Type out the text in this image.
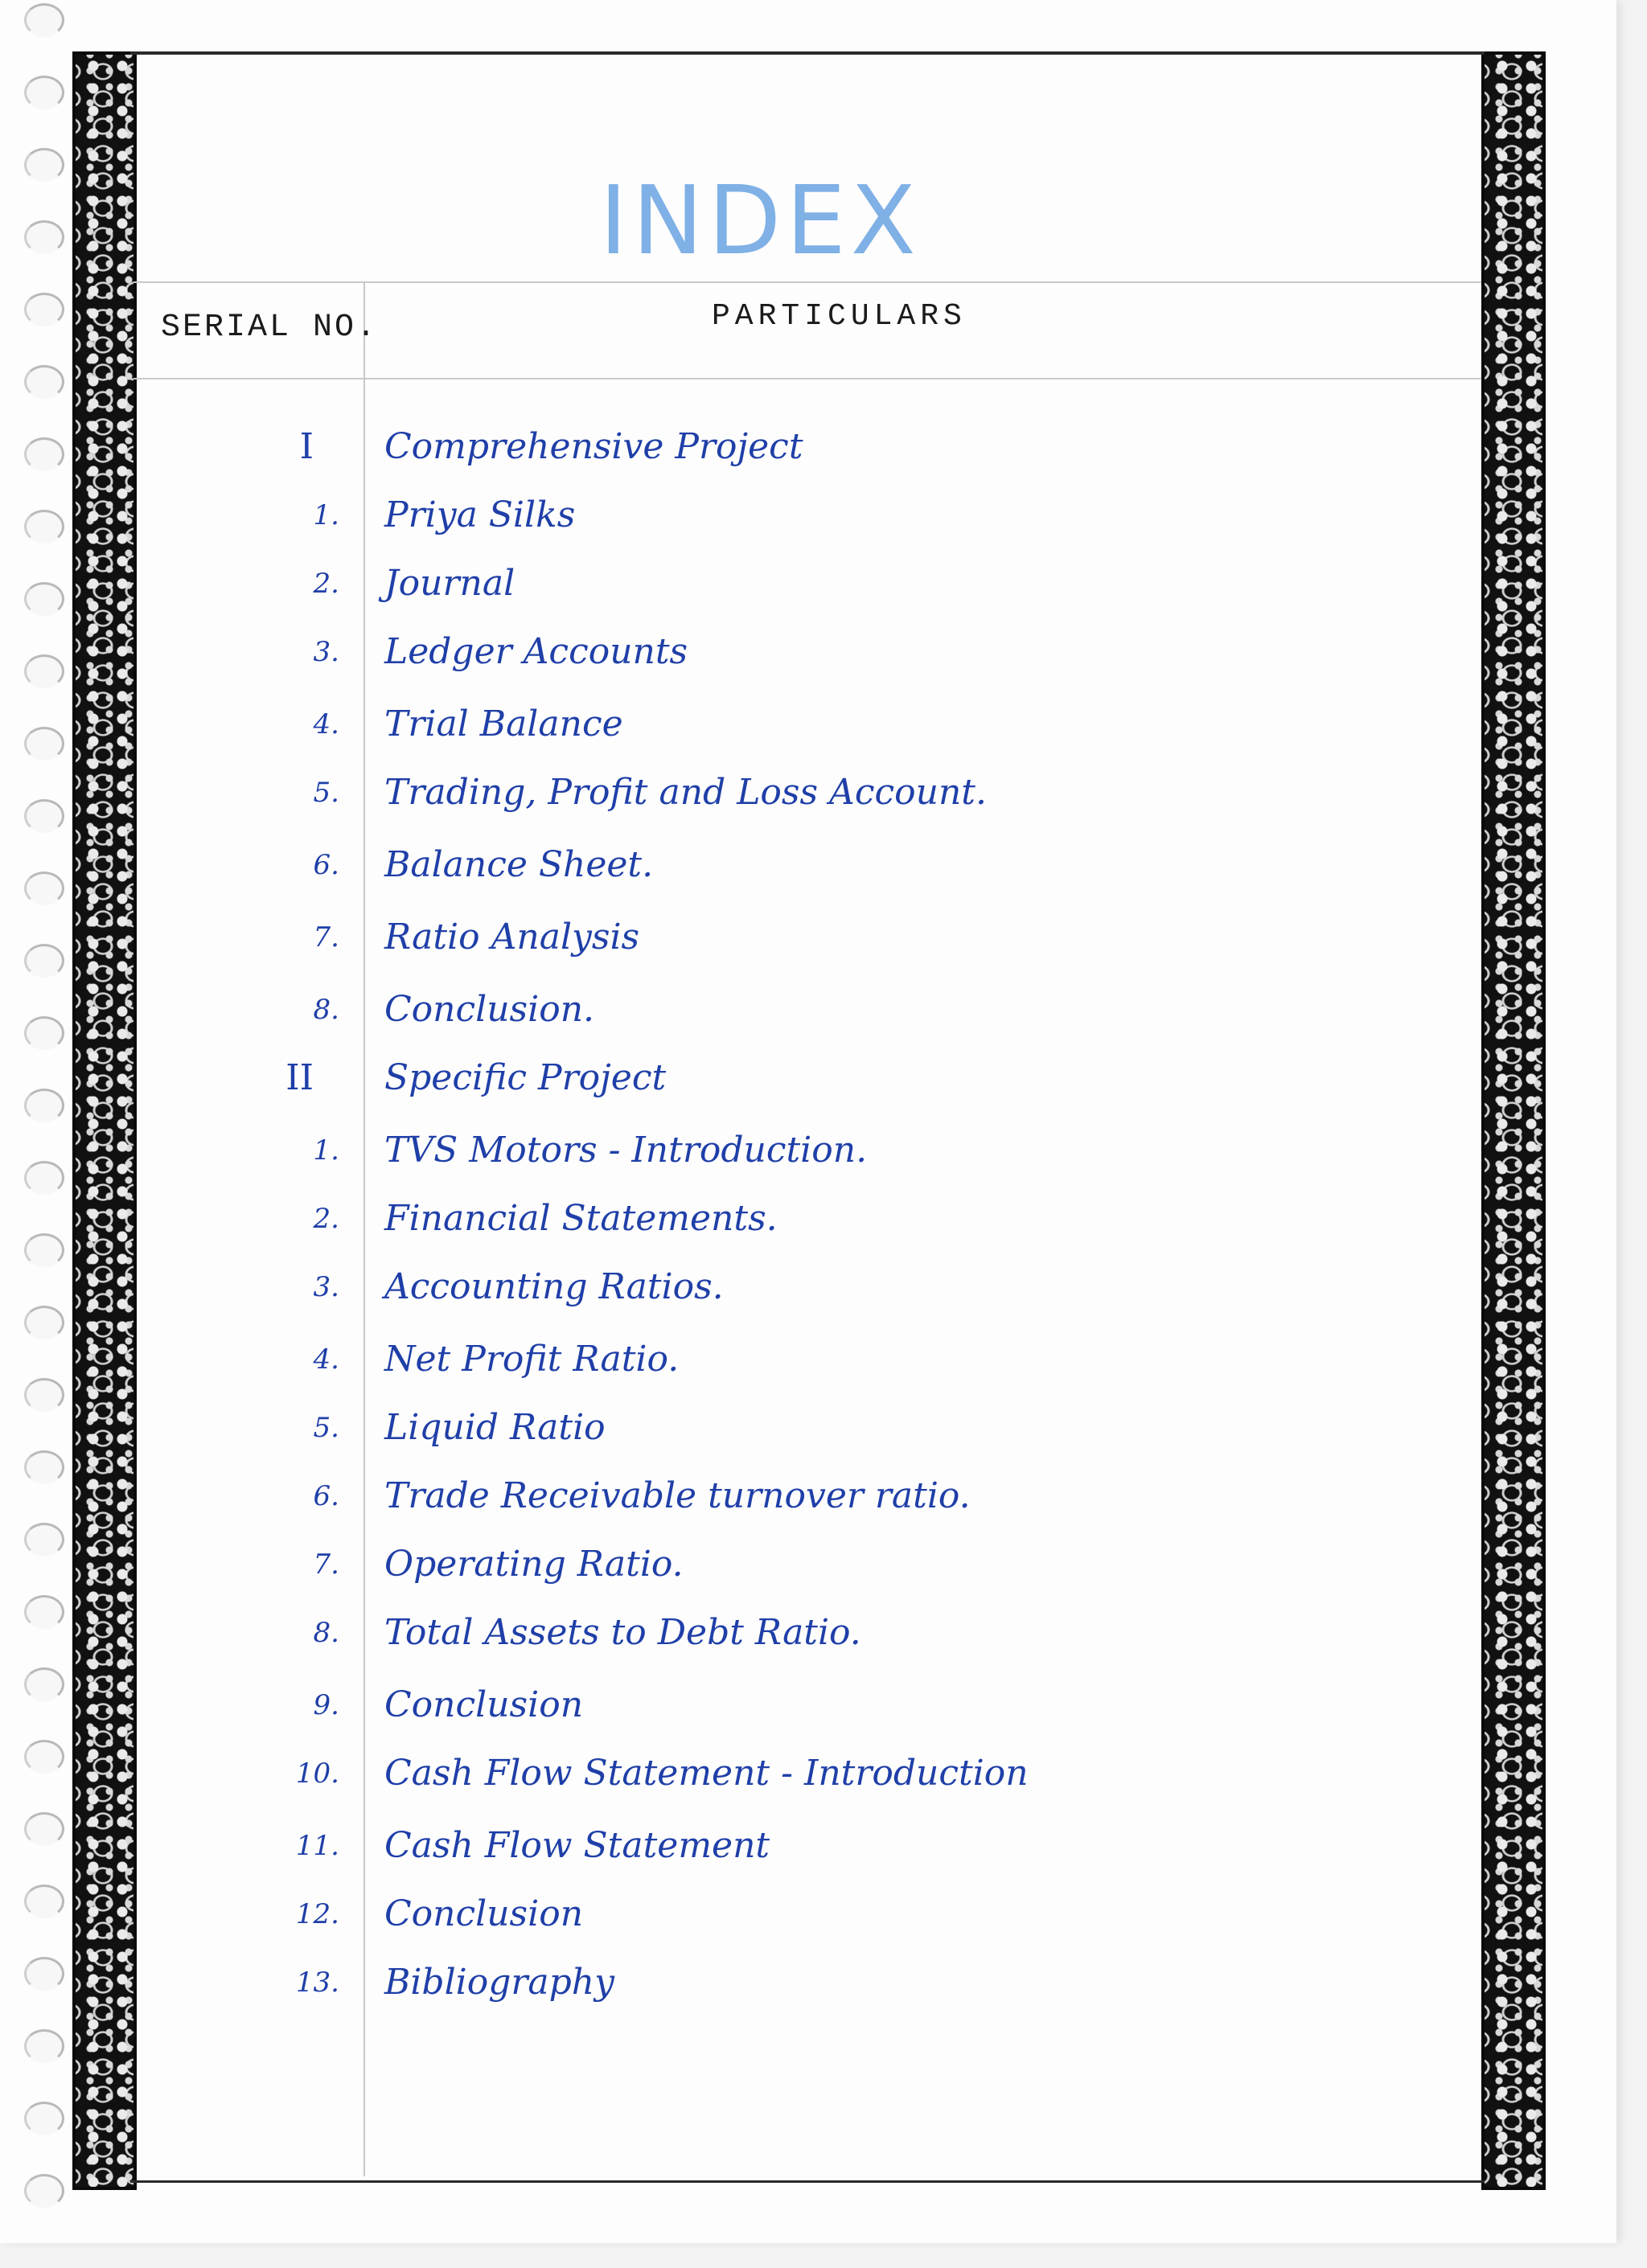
INDEX
SERIAL NO.	PARTICULARS
I Comprehensive Project
1. Priya Silks
2. Journal
3. Ledger Accounts
4. Trial Balance
5. Trading, Profit and Loss Account.
6. Balance Sheet.
7. Ratio Analysis
8. Conclusion.
II Specific Project
1. TVS Motors - Introduction.
2. Financial Statements.
3. Accounting Ratios.
4. Net Profit Ratio.
5. Liquid Ratio
6. Trade Receivable turnover ratio.
7. Operating Ratio.
8. Total Assets to Debt Ratio.
9. Conclusion
10. Cash Flow Statement - Introduction
11. Cash Flow Statement
12. Conclusion
13. Bibliography
